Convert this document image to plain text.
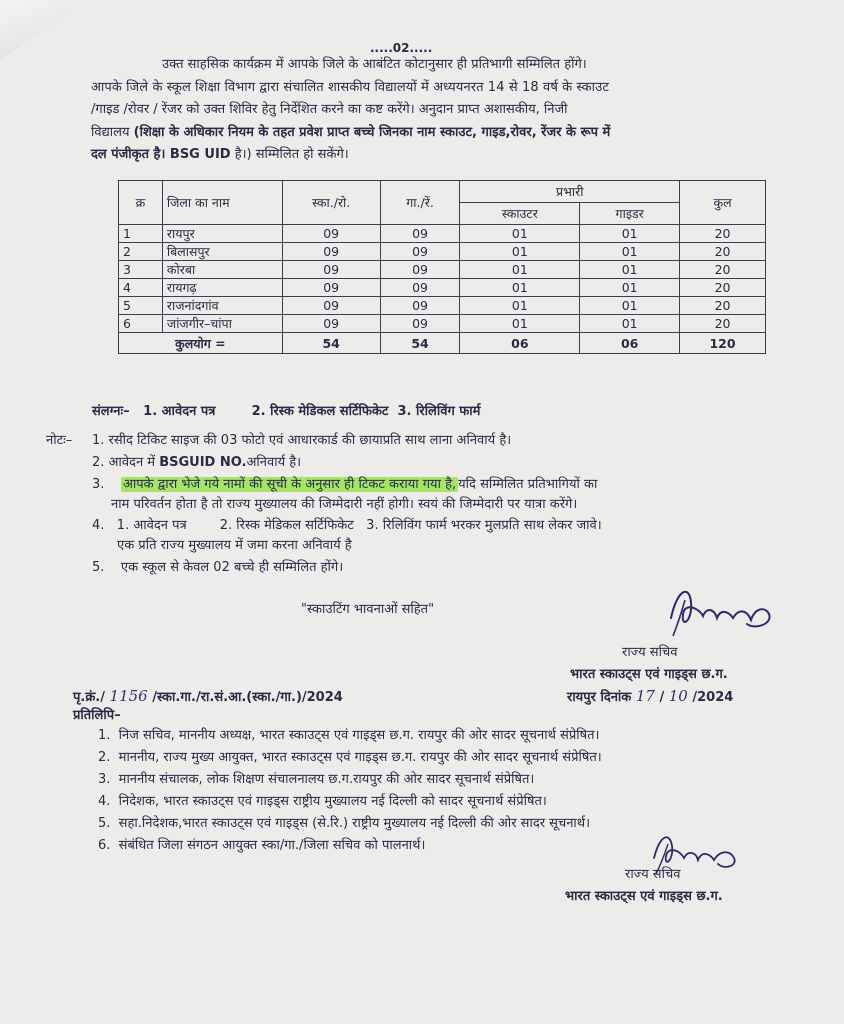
.....02.....
उक्त साहसिक कार्यक्रम में आपके जिले के आबंटित कोटानुसार ही प्रतिभागी सम्मिलित होंगे।
आपके जिले के स्कूल शिक्षा विभाग द्वारा संचालित शासकीय विद्यालयों में अध्ययनरत 14 से 18 वर्ष के स्काउट
/गाइड /रोवर / रेंजर को उक्त शिविर हेतु निर्देशित करने का कष्ट करेंगे। अनुदान प्राप्त अशासकीय, निजी
विद्यालय (शिक्षा के अधिकार नियम के तहत प्रवेश प्राप्त बच्चे जिनका नाम स्काउट, गाइड,रोवर, रेंजर के रूप में
दल पंजीकृत है। BSG UID है।) सम्मिलित हो सकेंगे।
क्र	जिला का नाम	स्का./रो.	गा./रें.	प्रभारी		कुल
				स्काउटर	गाइडर	
1	रायपुर	09	09	01	01	20
2	बिलासपुर	09	09	01	01	20
3	कोरबा	09	09	01	01	20
4	रायगढ़	09	09	01	01	20
5	राजनांदगांव	09	09	01	01	20
6	जांजगीर–चांपा	09	09	01	01	20
कुलयोग =		54	54	06	06	120
संलग्नः–   1. आवेदन पत्र        2. रिस्क मेडिकल सर्टिफिकेट  3. रिलिविंग फार्म
नोटः– 1. रसीद टिकिट साइज की 03 फोटो एवं आधारकार्ड की छायाप्रति साथ लाना अनिवार्य है।
2. आवेदन में BSGUID NO.अनिवार्य है।
3. आपके द्वारा भेजे गये नामों की सूची के अनुसार ही टिकट कराया गया है, यदि सम्मिलित प्रतिभागियों का
नाम परिवर्तन होता है तो राज्य मुख्यालय की जिम्मेदारी नहीं होगी। स्वयं की जिम्मेदारी पर यात्रा करेंगे।
4.   1. आवेदन पत्र        2. रिस्क मेडिकल सर्टिफिकेट   3. रिलिविंग फार्म भरकर मुलप्रति साथ लेकर जावे।
एक प्रति राज्य मुख्यालय में जमा करना अनिवार्य है
5.    एक स्कूल से केवल 02 बच्चे ही सम्मिलित होंगे।
"स्काउटिंग भावनाओं सहित"
राज्य सचिव
भारत स्काउट्स एवं गाइड्स छ.ग.
पृ.क्रं./ 1156 /स्का.गा./रा.सं.आ.(स्का./गा.)/2024	रायपुर दिनांक 17 / 10 /2024
प्रतिलिपि–
1.  निज सचिव, माननीय अध्यक्ष, भारत स्काउट्स एवं गाइड्स छ.ग. रायपुर की ओर सादर सूचनार्थ संप्रेषित।
2.  माननीय, राज्य मुख्य आयुक्त, भारत स्काउट्स एवं गाइड्स छ.ग. रायपुर की ओर सादर सूचनार्थ संप्रेषित।
3.  माननीय संचालक, लोक शिक्षण संचालनालय छ.ग.रायपुर की ओर सादर सूचनार्थ संप्रेषित।
4.  निदेशक, भारत स्काउट्स एवं गाइड्स राष्ट्रीय मुख्यालय नई दिल्ली को सादर सूचनार्थ संप्रेषित।
5.  सहा.निदेशक,भारत स्काउट्स एवं गाइड्स (से.रि.) राष्ट्रीय मुख्यालय नई दिल्ली की ओर सादर सूचनार्थ।
6.  संबंधित जिला संगठन आयुक्त स्का/गा./जिला सचिव को पालनार्थ।
राज्य सचिव
भारत स्काउट्स एवं गाइड्स छ.ग.
